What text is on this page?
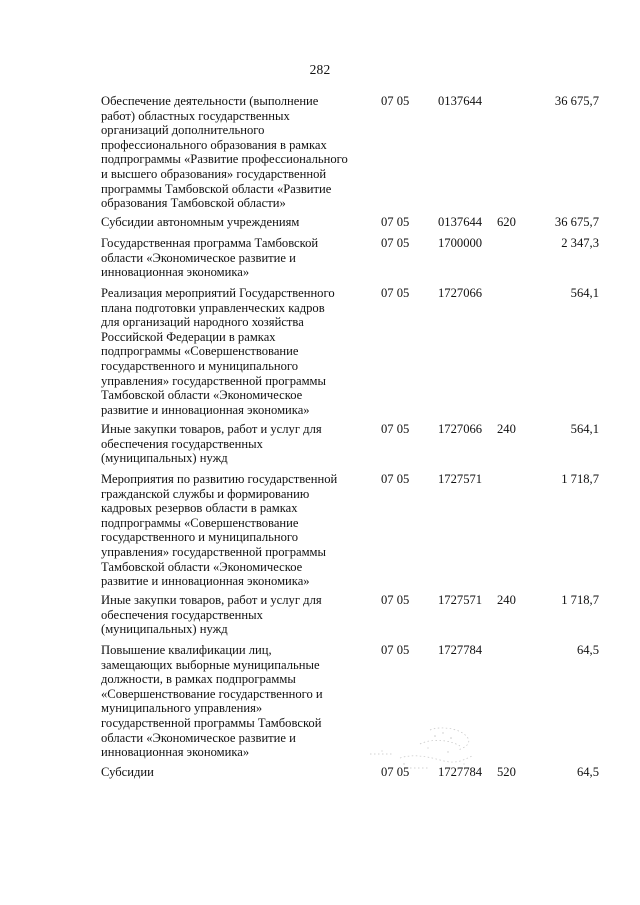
282
Обеспечение деятельности (выполнение
работ) областных государственных
организаций дополнительного
профессионального образования в рамках
подпрограммы «Развитие профессионального
и высшего образования» государственной
программы Тамбовской области «Развитие
образования Тамбовской области»
07 05 0137644	36 675,7
Субсидии автономным учреждениям	07 05 0137644 620	36 675,7
Государственная программа Тамбовской
области «Экономическое развитие и
инновационная экономика»
07 05 1700000	2 347,3
Реализация мероприятий Государственного
плана подготовки управленческих кадров
для организаций народного хозяйства
Российской Федерации в рамках
подпрограммы «Совершенствование
государственного и муниципального
управления» государственной программы
Тамбовской области «Экономическое
развитие и инновационная экономика»
07 05 1727066	564,1
Иные закупки товаров, работ и услуг для
обеспечения государственных
(муниципальных) нужд
07 05 1727066 240	564,1
Мероприятия по развитию государственной
гражданской службы и формированию
кадровых резервов области в рамках
подпрограммы «Совершенствование
государственного и муниципального
управления» государственной программы
Тамбовской области «Экономическое
развитие и инновационная экономика»
07 05 1727571	1 718,7
Иные закупки товаров, работ и услуг для
обеспечения государственных
(муниципальных) нужд
07 05 1727571 240	1 718,7
Повышение квалификации лиц,
замещающих выборные муниципальные
должности, в рамках подпрограммы
«Совершенствование государственного и
муниципального управления»
государственной программы Тамбовской
области «Экономическое развитие и
инновационная экономика»
07 05 1727784	64,5
Субсидии	07 05 1727784 520	64,5
